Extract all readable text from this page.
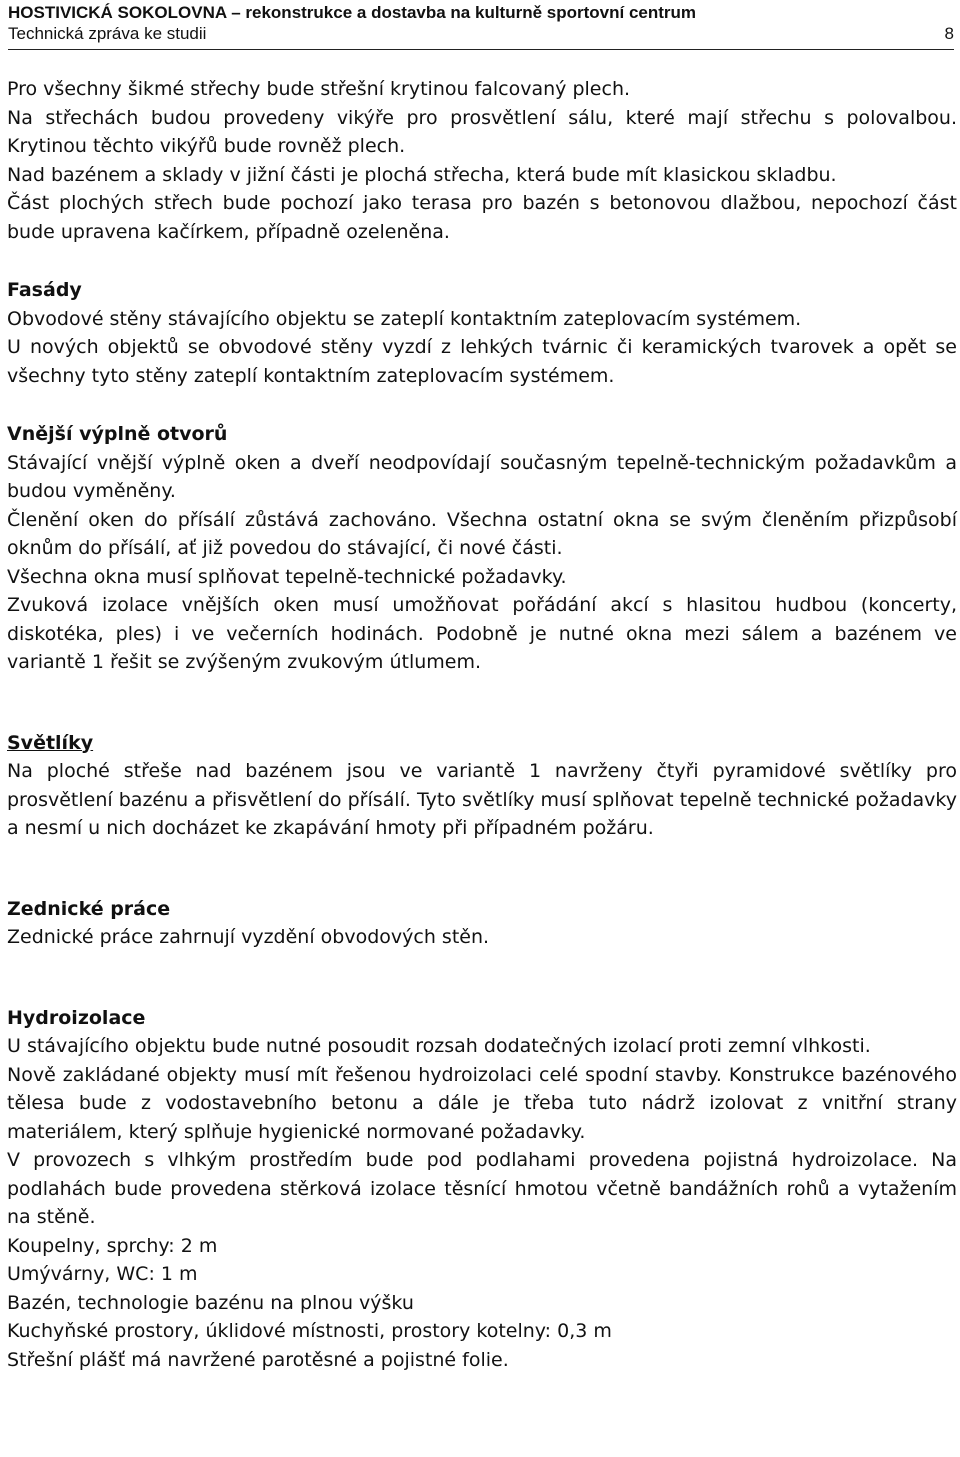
HOSTIVICKÁ SOKOLOVNA – rekonstrukce a dostavba na kulturně sportovní centrum
Technická zpráva ke studii	8

Pro všechny šikmé střechy bude střešní krytinou falcovaný plech.

Na střechách budou provedeny vikýře pro prosvětlení sálu, které mají střechu s polovalbou. Krytinou těchto vikýřů bude rovněž plech.

Nad bazénem a sklady v jižní části je plochá střecha, která bude mít klasickou skladbu.

Část plochých střech bude pochozí jako terasa pro bazén s betonovou dlažbou, nepochozí část bude upravena kačírkem, případně ozeleněna.

Fasády

Obvodové stěny stávajícího objektu se zateplí kontaktním zateplovacím systémem.

U nových objektů se obvodové stěny vyzdí z lehkých tvárnic či keramických tvarovek a opět se všechny tyto stěny zateplí kontaktním zateplovacím systémem.

Vnější výplně otvorů

Stávající vnější výplně oken a dveří neodpovídají současným tepelně-technickým požadavkům a budou vyměněny.

Členění oken do přísálí zůstává zachováno. Všechna ostatní okna se svým členěním přizpůsobí oknům do přísálí, ať již povedou do stávající, či nové části.

Všechna okna musí splňovat tepelně-technické požadavky.

Zvuková izolace vnějších oken musí umožňovat pořádání akcí s hlasitou hudbou (koncerty, diskotéka, ples) i ve večerních hodinách. Podobně je nutné okna mezi sálem a bazénem ve variantě 1 řešit se zvýšeným zvukovým útlumem.

Světlíky

Na ploché střeše nad bazénem jsou ve variantě 1 navrženy čtyři pyramidové světlíky pro prosvětlení bazénu a přisvětlení do přísálí. Tyto světlíky musí splňovat tepelně technické požadavky a nesmí u nich docházet ke zkapávání hmoty při případném požáru.

Zednické práce

Zednické práce zahrnují vyzdění obvodových stěn.

Hydroizolace

U stávajícího objektu bude nutné posoudit rozsah dodatečných izolací proti zemní vlhkosti.

Nově zakládané objekty musí mít řešenou hydroizolaci celé spodní stavby. Konstrukce bazénového tělesa bude z vodostavebního betonu a dále je třeba tuto nádrž izolovat z vnitřní strany materiálem, který splňuje hygienické normované požadavky.

V provozech s vlhkým prostředím bude pod podlahami provedena pojistná hydroizolace. Na podlahách bude provedena stěrková izolace těsnící hmotou včetně bandážních rohů a vytažením na stěně.

Koupelny, sprchy: 2 m

Umývárny, WC: 1 m

Bazén, technologie bazénu na plnou výšku

Kuchyňské prostory, úklidové místnosti, prostory kotelny: 0,3 m

Střešní plášť má navržené parotěsné a pojistné folie.
